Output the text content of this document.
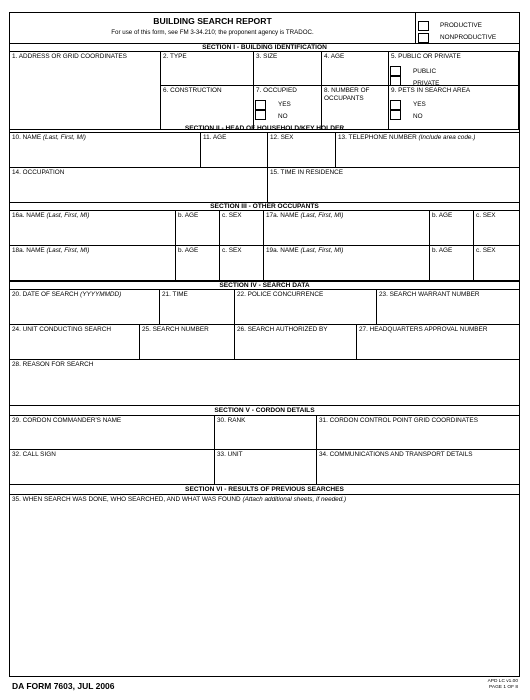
BUILDING SEARCH REPORT
For use of this form, see FM 3-34.210; the proponent agency is TRADOC.
PRODUCTIVE
NONPRODUCTIVE
SECTION I - BUILDING IDENTIFICATION
1. ADDRESS OR GRID COORDINATES	2. TYPE	3. SIZE	4. AGE	5. PUBLIC OR PRIVATE
PUBLIC
PRIVATE
6. CONSTRUCTION	7. OCCUPIED
YES
NO
8. NUMBER OF OCCUPANTS
9. PETS IN SEARCH AREA
YES
NO
SECTION II - HEAD OF HOUSEHOLD/KEY HOLDER
10. NAME (Last, First, MI)	11. AGE	12. SEX	13. TELEPHONE NUMBER (Include area code.)
14. OCCUPATION	15. TIME IN RESIDENCE
SECTION III - OTHER OCCUPANTS
16a. NAME (Last, First, MI)	b. AGE	c. SEX	17a. NAME (Last, First, MI)	b. AGE	c. SEX
18a. NAME (Last, First, MI)	b. AGE	c. SEX	19a. NAME (Last, First, MI)	b. AGE	c. SEX
SECTION IV - SEARCH DATA
20. DATE OF SEARCH (YYYYMMDD)	21. TIME	22. POLICE CONCURRENCE	23. SEARCH WARRANT NUMBER
24. UNIT CONDUCTING SEARCH	25. SEARCH NUMBER	26. SEARCH AUTHORIZED BY	27. HEADQUARTERS APPROVAL NUMBER
28. REASON FOR SEARCH
SECTION V - CORDON DETAILS
29. CORDON COMMANDER'S NAME	30. RANK	31. CORDON CONTROL POINT GRID COORDINATES
32. CALL SIGN	33. UNIT	34. COMMUNICATIONS AND TRANSPORT DETAILS
SECTION VI - RESULTS OF PREVIOUS SEARCHES
35. WHEN SEARCH WAS DONE, WHO SEARCHED, AND WHAT WAS FOUND (Attach additional sheets, if needed.)
DA FORM 7603, JUL 2006	APD LC v1.00
PAGE 1 OF 8
